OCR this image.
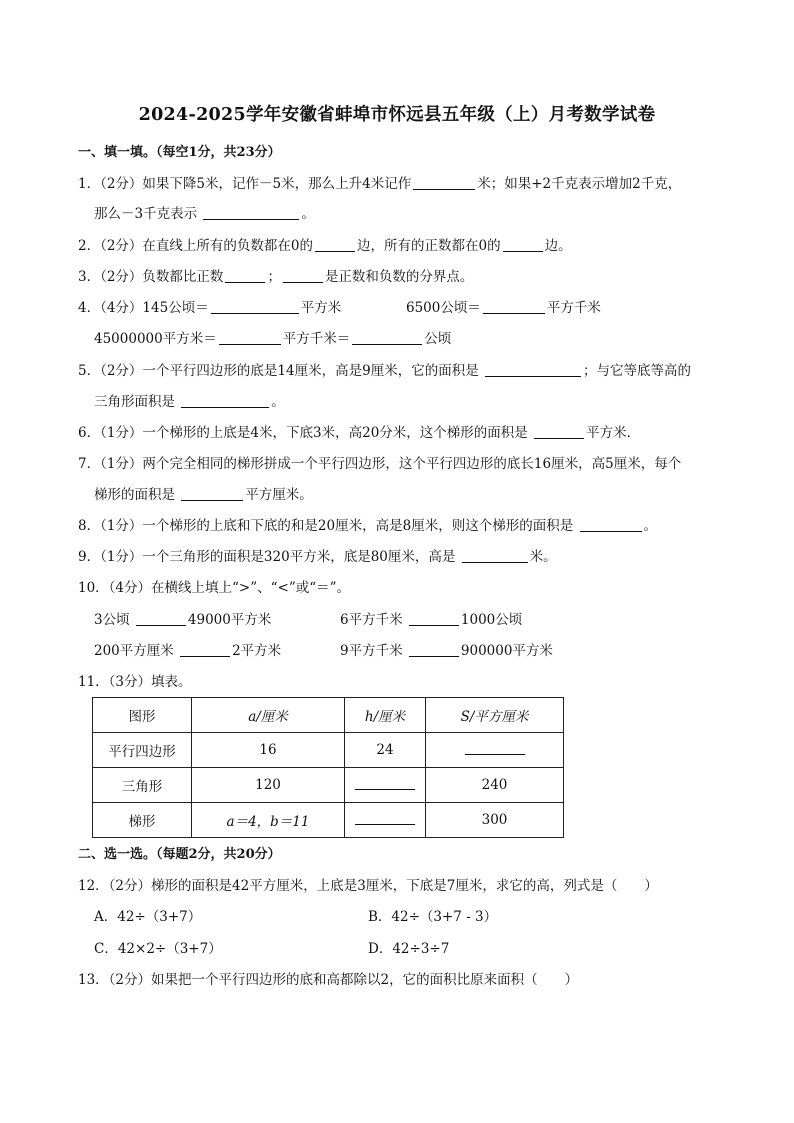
2024-2025学年安徽省蚌埠市怀远县五年级（上）月考数学试卷
一、填一填。（每空1分，共23分）
1．（2分）如果下降5米，记作－5米，那么上升4米记作	米；如果+2千克表示增加2千克，
那么－3千克表示	。
2．（2分）在直线上所有的负数都在0的	边，所有的正数都在0的	边。
3．（2分）负数都比正数	；	是正数和负数的分界点。
4．（4分）145公顷＝	平方米	6500公顷＝	平方千米
45000000平方米＝	平方千米＝	公顷
5．（2分）一个平行四边形的底是14厘米，高是9厘米，它的面积是	；与它等底等高的
三角形面积是	。
6．（1分）一个梯形的上底是4米，下底3米，高20分米，这个梯形的面积是	平方米．
7．（1分）两个完全相同的梯形拼成一个平行四边形，这个平行四边形的底长16厘米，高5厘米，每个
梯形的面积是	平方厘米。
8．（1分）一个梯形的上底和下底的和是20厘米，高是8厘米，则这个梯形的面积是	。
9．（1分）一个三角形的面积是320平方米，底是80厘米，高是	米。
10．（4分）在横线上填上“>”、“<”或“＝”。
3公顷	49000平方米	6平方千米	1000公顷
200平方厘米	2平方米	9平方千米	900000平方米
11．（3分）填表。
图形	a/厘米	h/厘米	S/平方厘米
平行四边形	16	24	
三角形	120		240
梯形	a＝4，b＝11		300
二、选一选。（每题2分，共20分）
12．（2分）梯形的面积是42平方厘米，上底是3厘米，下底是7厘米，求它的高，列式是（　　）
A．42÷（3+7）	B．42÷（3+7 - 3）
C．42×2÷（3+7）	D．42÷3÷7
13．（2分）如果把一个平行四边形的底和高都除以2，它的面积比原来面积（　　）
